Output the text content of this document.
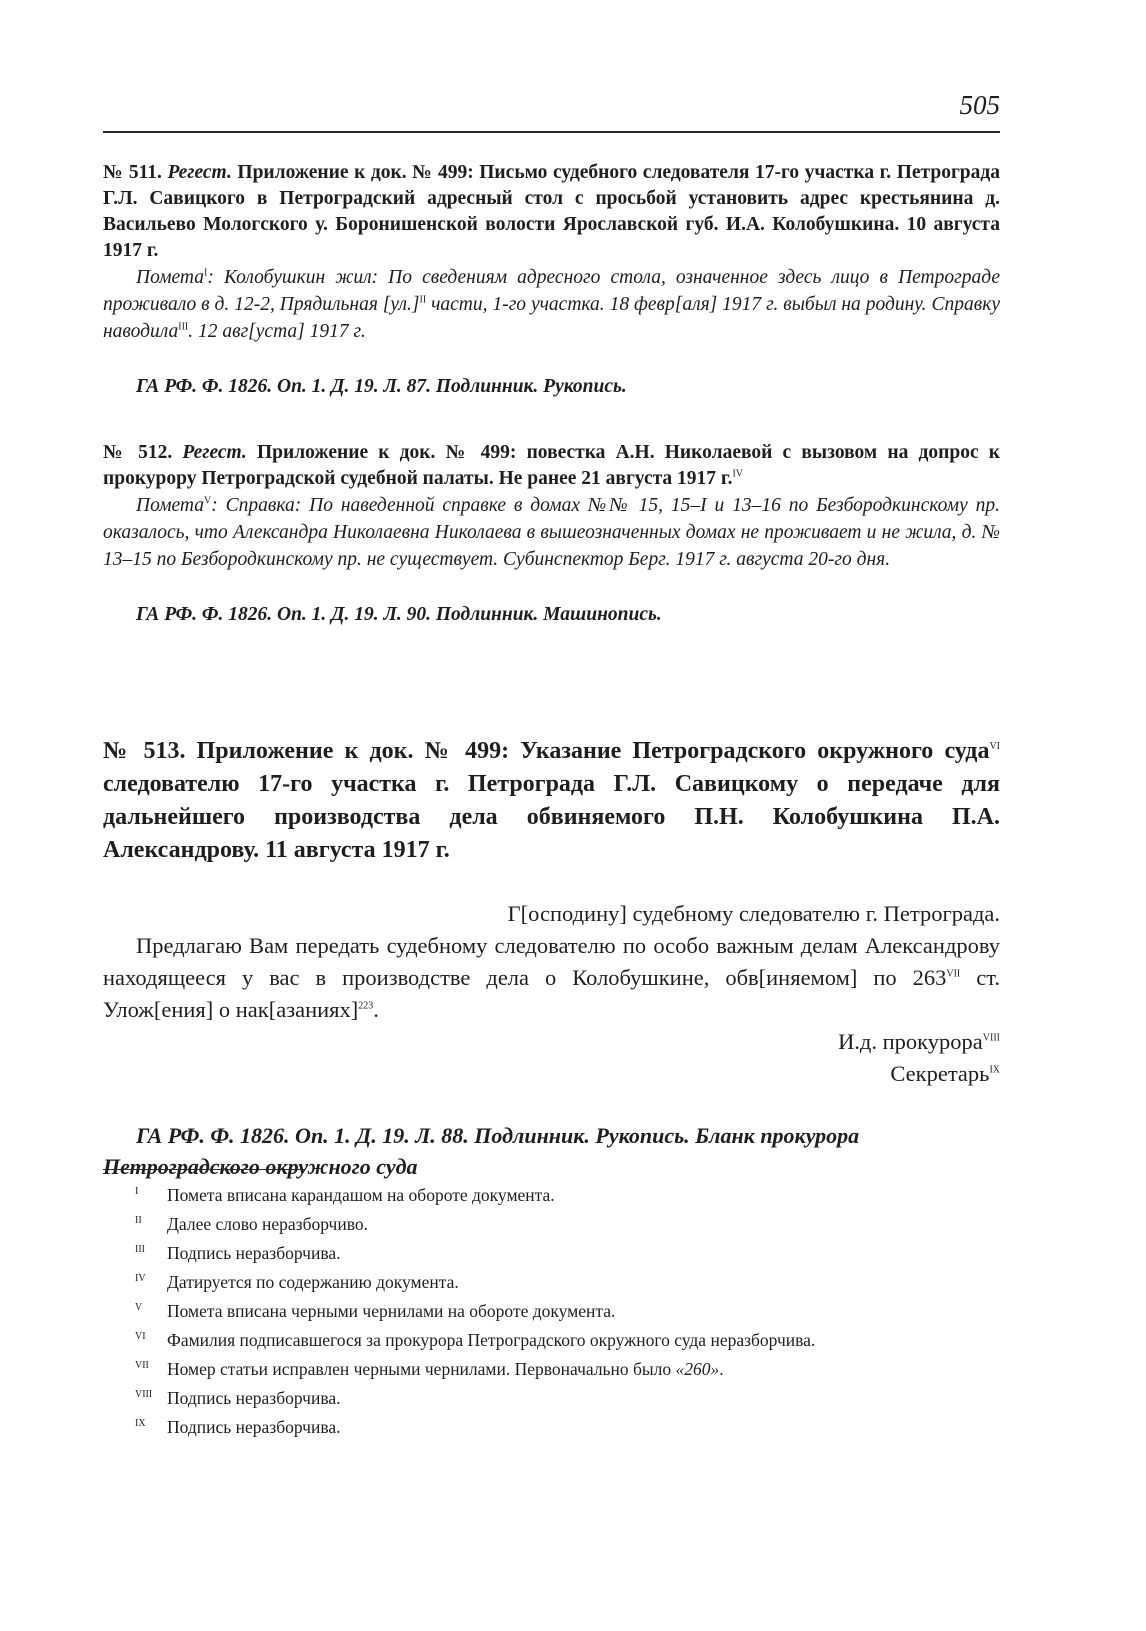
505

№ 511. Регест. Приложение к док. № 499: Письмо судебного следователя 17-го участка г. Петрограда Г.Л. Савицкого в Петроградский адресный стол с просьбой установить адрес крестьянина д. Васильево Мологского у. Боронишенской волости Ярославской губ. И.А. Колобушкина. 10 августа 1917 г.

Помета$^I$: Колобушкин жил: По сведениям адресного стола, означенное здесь лицо в Петрограде проживало в д. 12-2, Прядильная $[ул.]^{II}$ части, 1-го участка. 18 февр[аля] 1917 г. выбыл на родину. Справку наводила$^{III}$. 12 авг[уста] 1917 г.

ГА РФ. Ф. 1826. Оп. 1. Д. 19. Л. 87. Подлинник. Рукопись.

№ 512. Регест. Приложение к док. № 499: повестка А.Н. Николаевой с вызовом на допрос к прокурору Петроградской судебной палаты. Не ранее 21 августа 1917 г.$^{IV}$

Помета$^V$: Справка: По наведенной справке в домах №№ 15, 15–I и 13–16 по Безбородкинскому пр. оказалось, что Александра Николаевна Николаева в вышеозначенных домах не проживает и не жила, д. № 13–15 по Безбородкинскому пр. не существует. Субинспектор Берг. 1917 г. августа 20-го дня.

ГА РФ. Ф. 1826. Оп. 1. Д. 19. Л. 90. Подлинник. Машинопись.

№ 513. Приложение к док. № 499: Указание Петроградского окружного суда$^{VI}$ следователю 17-го участка г. Петрограда Г.Л. Савицкому о передаче для дальнейшего производства дела обвиняемого П.Н. Колобушкина П.А. Александрову. 11 августа 1917 г.

Г[осподину] судебному следователю г. Петрограда.

Предлагаю Вам передать судебному следователю по особо важным делам Александрову находящееся у вас в производстве дела о Колобушкине, обв[иняемом] по $263^{VII}$ ст. Улож[ения] о нак[азаниях]$^{223}$.

И.д. прокурора$^{VIII}$

Секретарь$^{IX}$

ГА РФ. Ф. 1826. Оп. 1. Д. 19. Л. 88. Подлинник. Рукопись. Бланк прокурора Петроградского окружного суда

I Помета вписана карандашом на обороте документа.

II Далее слово неразборчиво.

III Подпись неразборчива.

IV Датируется по содержанию документа.

V Помета вписана черными чернилами на обороте документа.

VI Фамилия подписавшегося за прокурора Петроградского окружного суда неразборчива.

VII Номер статьи исправлен черными чернилами. Первоначально было «260».

VIII Подпись неразборчива.

IX Подпись неразборчива.
